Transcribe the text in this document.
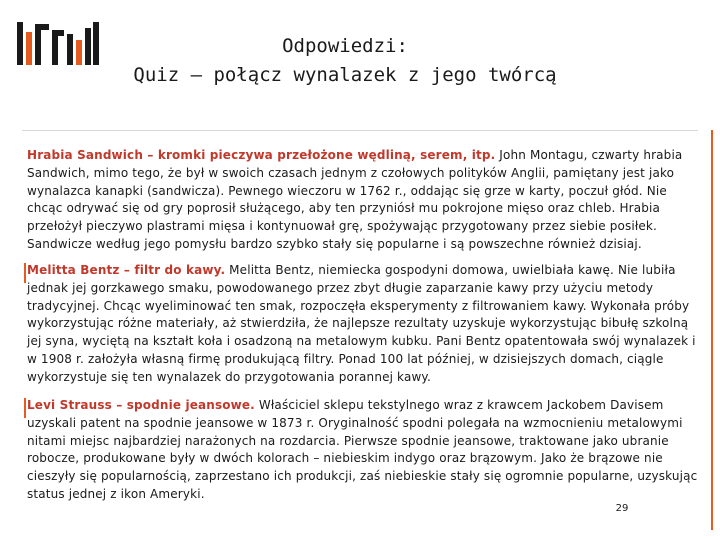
Odpowiedzi:
Quiz – połącz wynalazek z jego twórcą
Hrabia Sandwich – kromki pieczywa przełożone wędliną, serem, itp. John Montagu, czwarty hrabia Sandwich, mimo tego, że był w swoich czasach jednym z czołowych polityków Anglii, pamiętany jest jako wynalazca kanapki (sandwicza). Pewnego wieczoru w 1762 r., oddając się grze w karty, poczuł głód. Nie chcąc odrywać się od gry poprosił służącego, aby ten przyniósł mu pokrojone mięso oraz chleb. Hrabia przełożył pieczywo plastrami mięsa i kontynuował grę, spożywając przygotowany przez siebie posiłek. Sandwicze według jego pomysłu bardzo szybko stały się popularne i są powszechne również dzisiaj.
Melitta Bentz – filtr do kawy. Melitta Bentz, niemiecka gospodyni domowa, uwielbiała kawę. Nie lubiła jednak jej gorzkawego smaku, powodowanego przez zbyt długie zaparzanie kawy przy użyciu metody tradycyjnej. Chcąc wyeliminować ten smak, rozpoczęła eksperymenty z filtrowaniem kawy. Wykonała próby wykorzystując różne materiały, aż stwierdziła, że najlepsze rezultaty uzyskuje wykorzystując bibułę szkolną jej syna, wyciętą na kształt koła i osadzoną na metalowym kubku. Pani Bentz opatentowała swój wynalazek i w 1908 r. założyła własną firmę produkującą filtry. Ponad 100 lat później, w dzisiejszych domach, ciągle wykorzystuje się ten wynalazek do przygotowania porannej kawy.
Levi Strauss – spodnie jeansowe. Właściciel sklepu tekstylnego wraz z krawcem Jackobem Davisem uzyskali patent na spodnie jeansowe w 1873 r. Oryginalność spodni polegała na wzmocnieniu metalowymi nitami miejsc najbardziej narażonych na rozdarcia. Pierwsze spodnie jeansowe, traktowane jako ubranie robocze, produkowane były w dwóch kolorach – niebieskim indygo oraz brązowym. Jako że brązowe nie cieszyły się popularnością, zaprzestano ich produkcji, zaś niebieskie stały się ogromnie popularne, uzyskując status jednej z ikon Ameryki.
29
